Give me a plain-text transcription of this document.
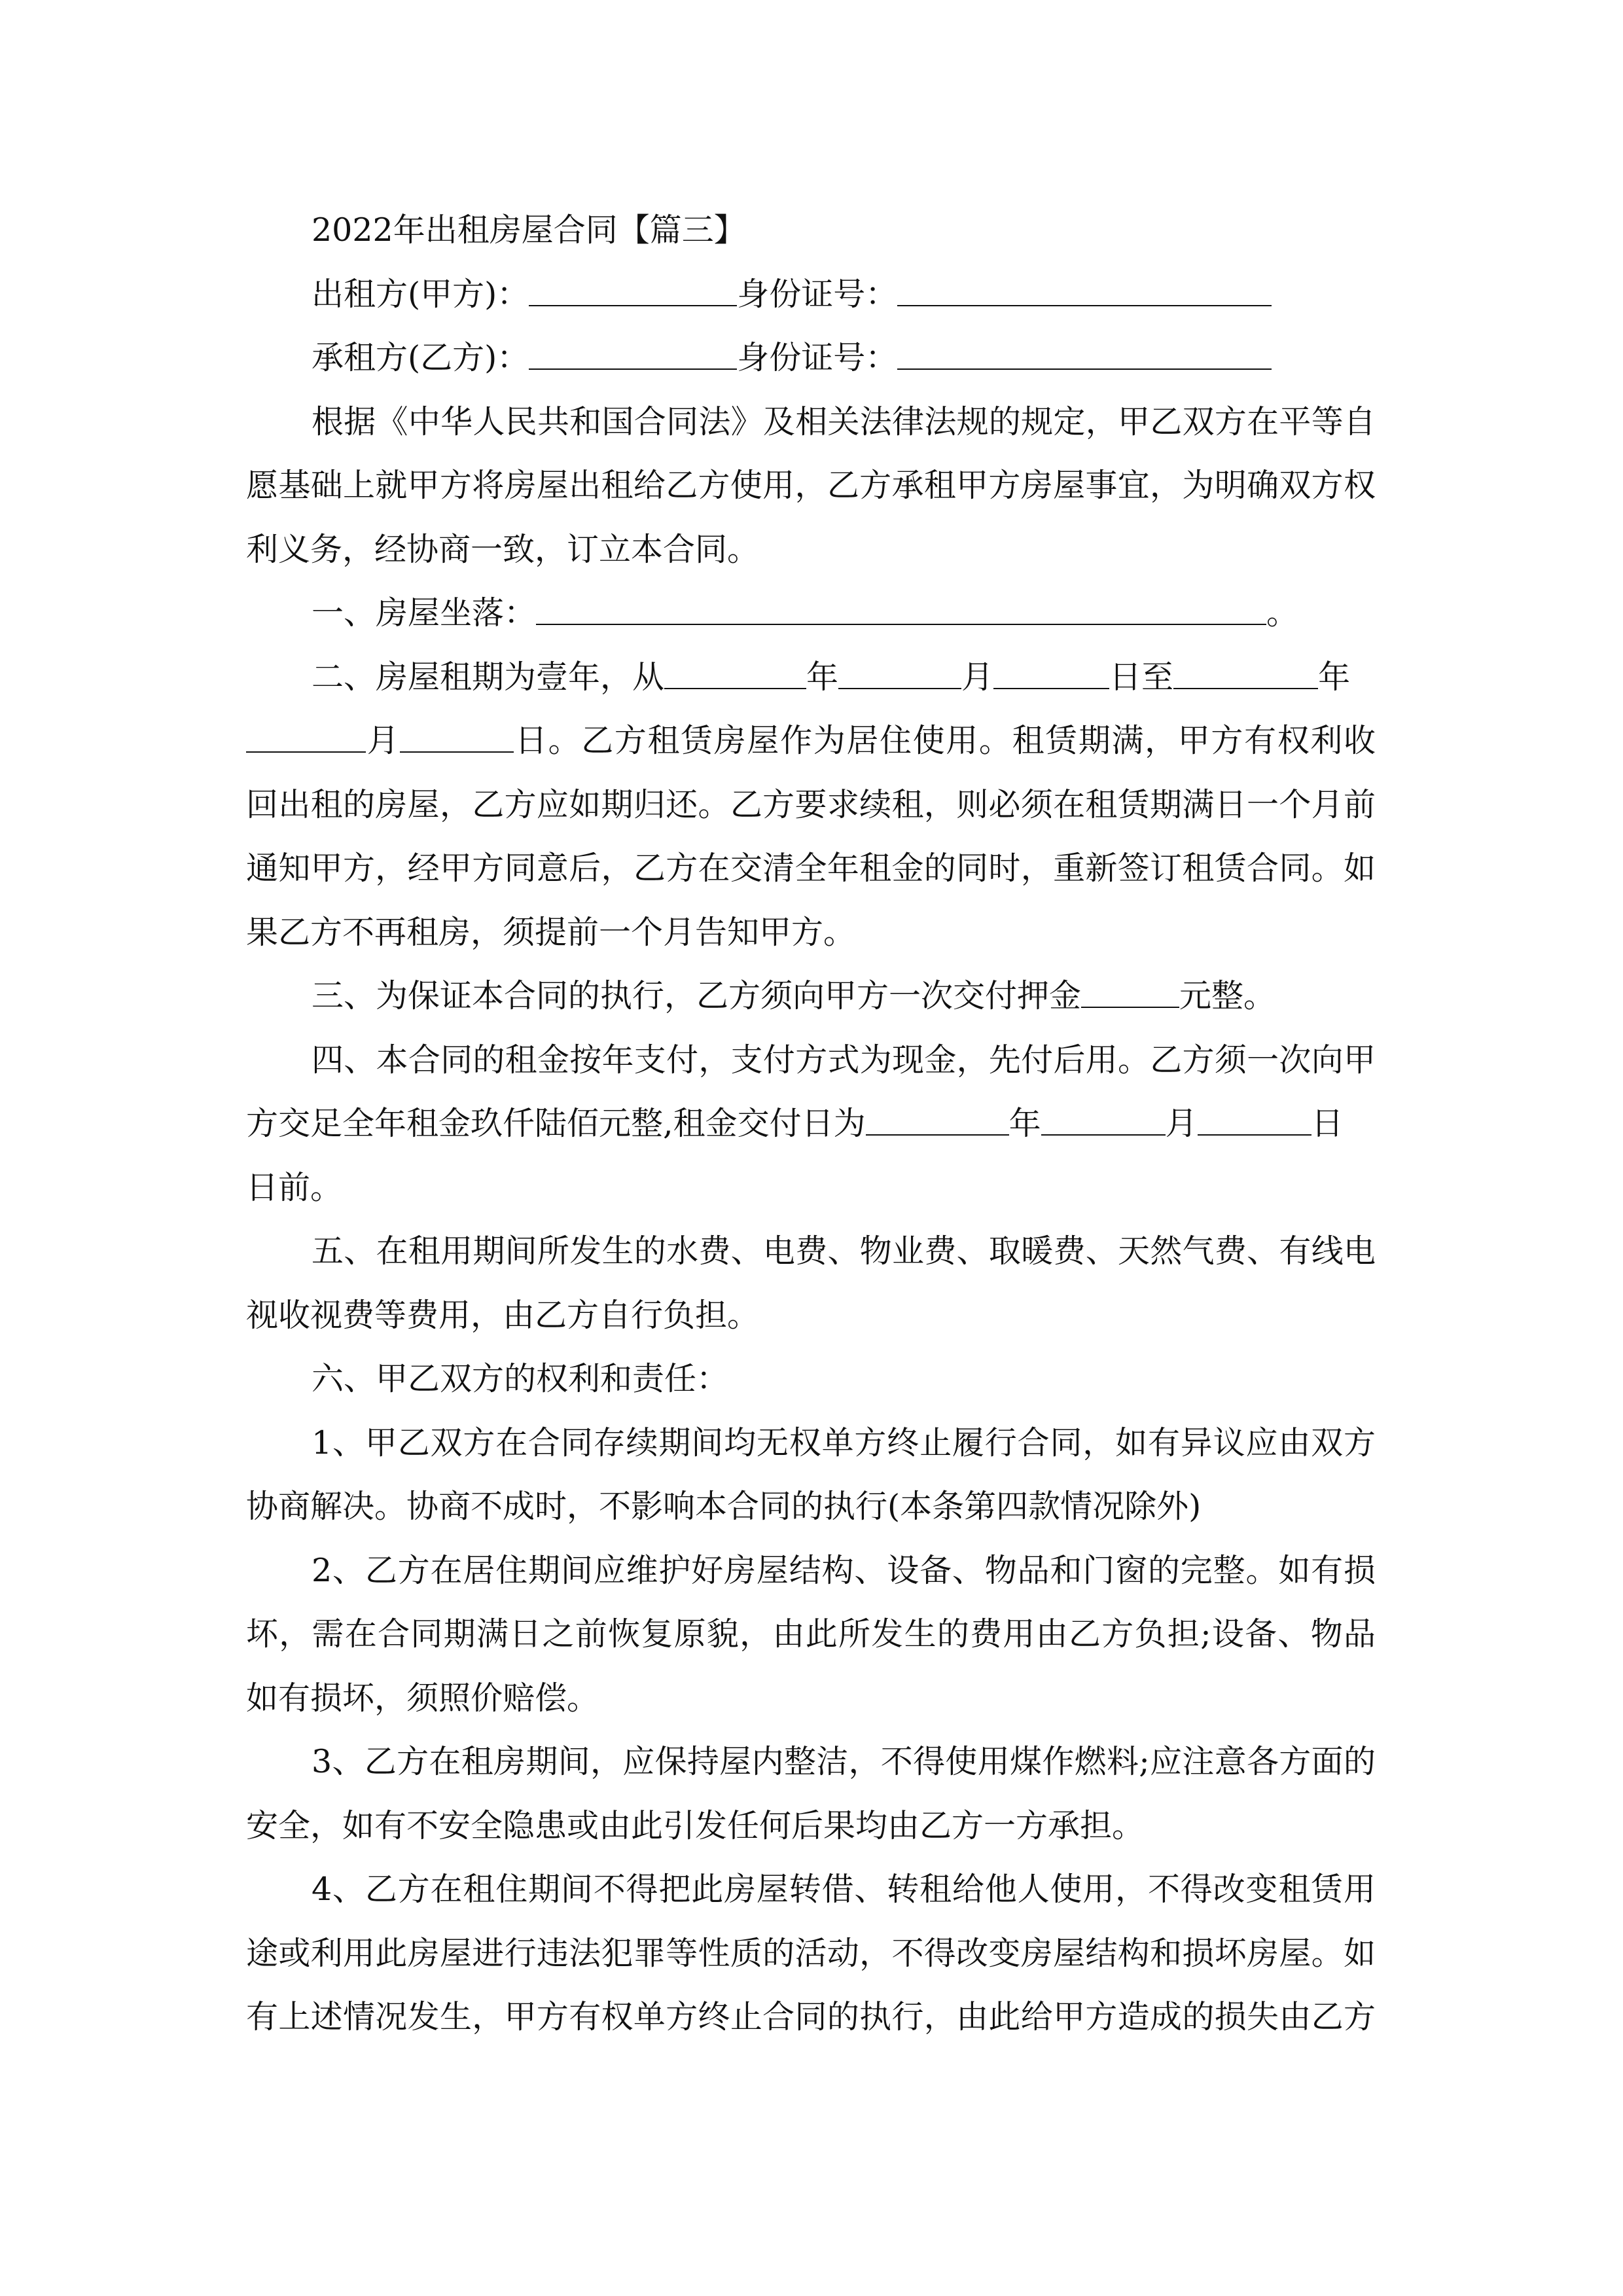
2022年出租房屋合同【篇三】
出租方(甲方)：	身份证号：
承租方(乙方)：	身份证号：
根据《中华人民共和国合同法》及相关法律法规的规定，甲乙双方在平等自
愿基础上就甲方将房屋出租给乙方使用，乙方承租甲方房屋事宜，为明确双方权
利义务，经协商一致，订立本合同。
一、房屋坐落：	。
二、房屋租期为壹年，从	年	月	日至	年
月	日。乙方租赁房屋作为居住使用。租赁期满，甲方有权利收
回出租的房屋，乙方应如期归还。乙方要求续租，则必须在租赁期满日一个月前
通知甲方，经甲方同意后，乙方在交清全年租金的同时，重新签订租赁合同。如
果乙方不再租房，须提前一个月告知甲方。
三、为保证本合同的执行，乙方须向甲方一次交付押金	元整。
四、本合同的租金按年支付，支付方式为现金，先付后用。乙方须一次向甲
方交足全年租金玖仟陆佰元整,租金交付日为	年	月	日
日前。
五、在租用期间所发生的水费、电费、物业费、取暖费、天然气费、有线电
视收视费等费用，由乙方自行负担。
六、甲乙双方的权利和责任：
1、甲乙双方在合同存续期间均无权单方终止履行合同，如有异议应由双方
协商解决。协商不成时，不影响本合同的执行(本条第四款情况除外)
2、乙方在居住期间应维护好房屋结构、设备、物品和门窗的完整。如有损
坏，需在合同期满日之前恢复原貌，由此所发生的费用由乙方负担;设备、物品
如有损坏，须照价赔偿。
3、乙方在租房期间，应保持屋内整洁，不得使用煤作燃料;应注意各方面的
安全，如有不安全隐患或由此引发任何后果均由乙方一方承担。
4、乙方在租住期间不得把此房屋转借、转租给他人使用，不得改变租赁用
途或利用此房屋进行违法犯罪等性质的活动，不得改变房屋结构和损坏房屋。如
有上述情况发生，甲方有权单方终止合同的执行，由此给甲方造成的损失由乙方
